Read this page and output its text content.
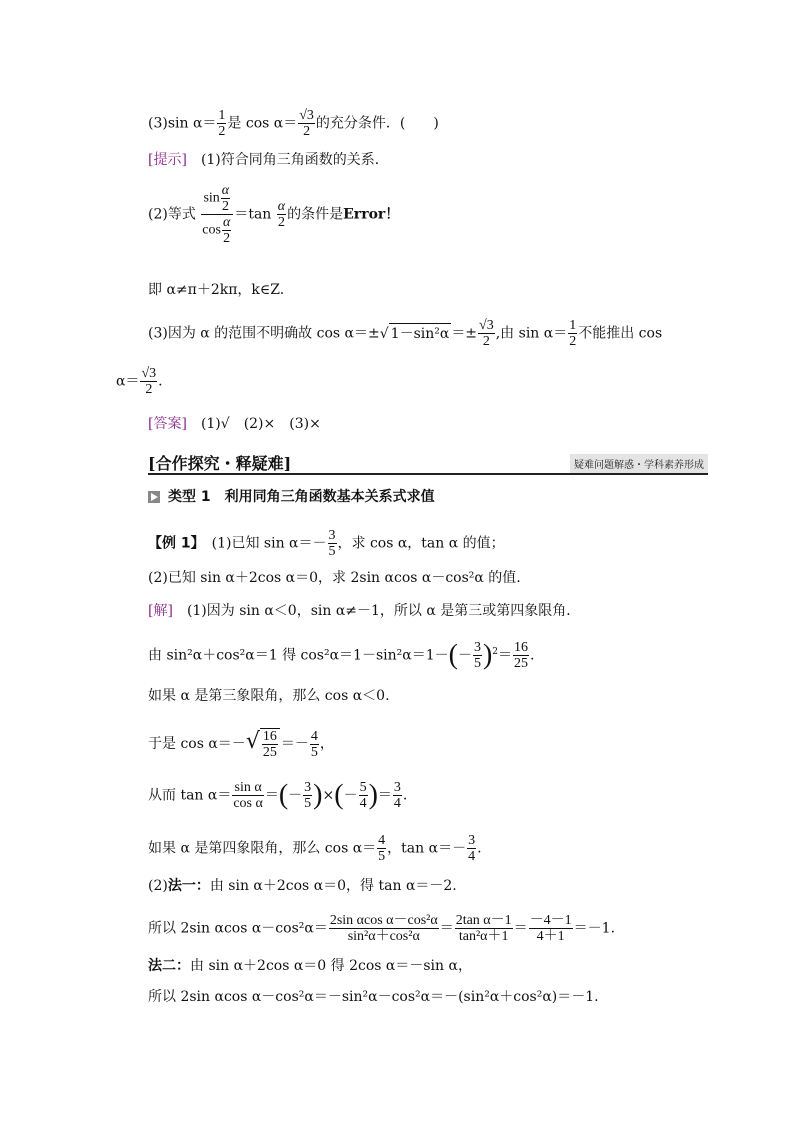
(3)sin $\alpha= \frac{1}{2}$ 是 $\cos \alpha= \frac{√3}{2}$ 的充分条件．(　　)
[提示]　 (1)符合同角三角函数的关系．
(2)等式 $\frac{\sin \frac{\alpha}{2}}{\cos \frac{\alpha}{2}} =\tan \frac{\alpha}{2}$ 的条件是Error！
即 α≠π＋2kπ，k∈Z.
(3)因为 α 的范围不明确故 cos α＝±√ $1-\sin^2\alpha =\pm \frac{√3}{2}$ ,由 $\sin \alpha= \frac{1}{2}$ 不能推出 cos
$\alpha= \frac{√3}{2}$ .
[答案]　 (1)√　(2)×　(3)×
[合作探究・释疑难]	疑难问题解惑・学科素养形成
类型 1　利用同角三角函数基本关系式求值
【例 1】　 (1)已知 $\sin \alpha=- \frac{3}{5}$ ，求 cos α，tan α 的值；
(2)已知 sin α＋2cos α＝0，求 2sin αcos α－cos²α 的值.
[解]　 (1)因为 sin α＜0，sin α≠－1，所以 α 是第三或第四象限角．
由 sin²α＋cos²α＝1 得 $\cos^2\alpha=1-\sin^2\alpha=1-(- \frac{3}{5} )^2= \frac{16}{25}$ .
如果 α 是第三象限角，那么 cos α＜0.
于是 $\cos \alpha=-√ \frac{16}{25} =- \frac{4}{5}$ ，
从而 $\tan \alpha= \frac{\text{sin α}}{\text{cos α}}$ ＝(－ $\frac{3}{5}$ )×(－ $\frac{5}{4}$ )＝ $\frac{3}{4}$ .
如果 α 是第四象限角，那么 $\cos \alpha= \frac{4}{5}$ ，$\tan \alpha=- \frac{3}{4}$ .
(2)法一：由 sin α＋2cos α＝0，得 tan α＝－2.
所以 2sin αcos $\alpha-\cos^2\alpha= \frac{\text{2sin αcos α－cos²α}}{\text{sin²α＋cos²α}} = \frac{\text{2tan α－1}}{\text{tan²α＋1}} = \frac{-4-1}{4+1} =-1$.
法二：由 sin α＋2cos α＝0 得 2cos α＝－sin α，
所以 2sin αcos α－cos²α＝－sin²α－cos²α＝－(sin²α＋cos²α)＝－1.
